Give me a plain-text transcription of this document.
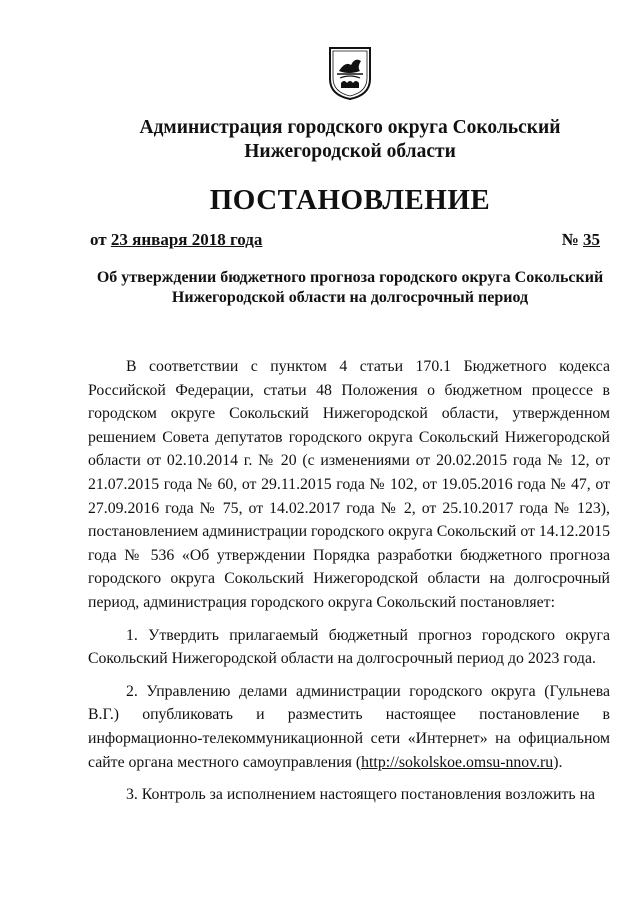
Администрация городского округа Сокольский
Нижегородской области
ПОСТАНОВЛЕНИЕ
от 23 января 2018 года	№ 35
Об утверждении бюджетного прогноза городского округа Сокольский
Нижегородской области на долгосрочный период

В соответствии с пунктом 4 статьи 170.1 Бюджетного кодекса Российской Федерации, статьи 48 Положения о бюджетном процессе в городском округе Сокольский Нижегородской области, утвержденном решением Совета депутатов городского округа Сокольский Нижегородской области от 02.10.2014 г. № 20 (с изменениями от 20.02.2015 года № 12, от 21.07.2015 года № 60, от 29.11.2015 года № 102, от 19.05.2016 года № 47, от 27.09.2016 года № 75, от 14.02.2017 года № 2, от 25.10.2017 года № 123), постановлением администрации городского округа Сокольский от 14.12.2015 года № 536 «Об утверждении Порядка разработки бюджетного прогноза городского округа Сокольский Нижегородской области на долгосрочный период, администрация городского округа Сокольский постановляет:

1. Утвердить прилагаемый бюджетный прогноз городского округа Сокольский Нижегородской области на долгосрочный период до 2023 года.

2. Управлению делами администрации городского округа (Гульнева В.Г.) опубликовать и разместить настоящее постановление в информационно-телекоммуникационной сети «Интернет» на официальном сайте органа местного самоуправления (http://sokolskoe.omsu-nnov.ru).

3. Контроль за исполнением настоящего постановления возложить на
